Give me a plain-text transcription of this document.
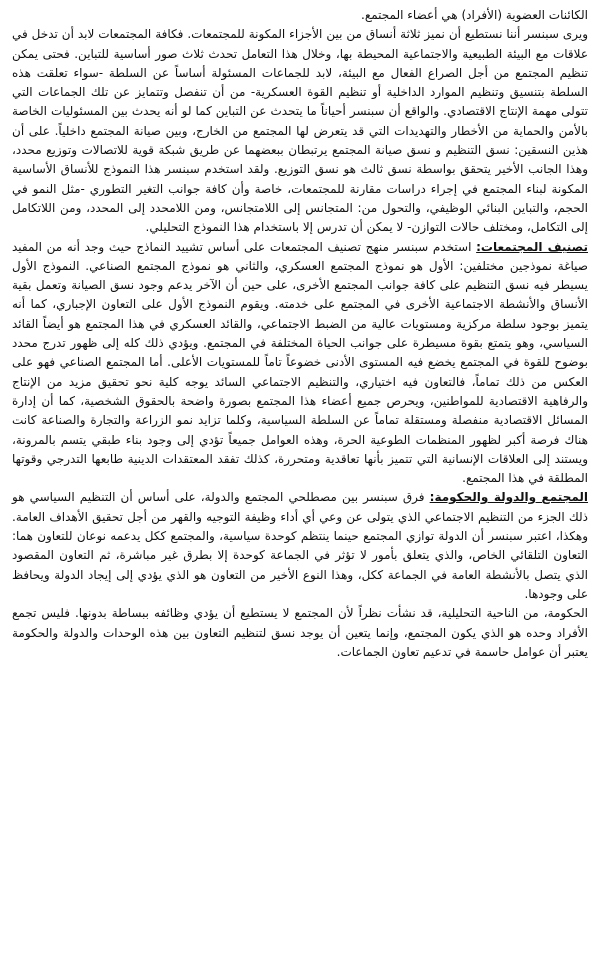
الكائنات العضوية (الأفراد) هي أعضاء المجتمع.

ويرى سبنسر أننا نستطيع أن نميز ثلاثة أنساق من بين الأجزاء المكونة للمجتمعات. فكافة المجتمعات لابد أن تدخل في علاقات مع البيئة الطبيعية والاجتماعية المحيطة بها، وخلال هذا التعامل تحدث ثلاث صور أساسية للتباين. فحتى يمكن تنظيم المجتمع من أجل الصراع الفعال مع البيئة، لابد للجماعات المسئولة أساساً عن السلطة -سواء تعلقت هذه السلطة بتنسيق وتنظيم الموارد الداخلية أو تنظيم القوة العسكرية- من أن تنفصل وتتمايز عن تلك الجماعات التي تتولى مهمة الإنتاج الاقتصادي. والواقع أن سبنسر أحياناً ما يتحدث عن التباين كما لو أنه يحدث بين المسئوليات الخاصة بالأمن والحماية من الأخطار والتهديدات التي قد يتعرض لها المجتمع من الخارج، وبين صيانة المجتمع داخلياً. على أن هذين النسقين: نسق التنظيم و نسق صيانة المجتمع يرتبطان ببعضهما عن طريق شبكة قوية للاتصالات وتوزيع محدد، وهذا الجانب الأخير يتحقق بواسطة نسق ثالث هو نسق التوزيع. ولقد استخدم سبنسر هذا النموذج للأنساق الأساسية المكونة لبناء المجتمع في إجراء دراسات مقارنة للمجتمعات، خاصة وأن كافة جوانب التغير التطوري -مثل النمو في الحجم، والتباين البنائي الوظيفي، والتحول من: المتجانس إلى اللامتجانس، ومن اللامحدد إلى المحدد، ومن اللاتكامل إلى التكامل، ومختلف حالات التوازن- لا يمكن أن تدرس إلا باستخدام هذا النموذج التحليلي.

تصنيف المجتمعات: استخدم سبنسر منهج تصنيف المجتمعات على أساس تشييد النماذج حيث وجد أنه من المفيد صياغة نموذجين مختلفين: الأول هو نموذج المجتمع العسكري، والثاني هو نموذج المجتمع الصناعي. النموذج الأول يسيطر فيه نسق التنظيم على كافة جوانب المجتمع الأخرى، على حين أن الآخر يدعم وجود نسق الصيانة وتعمل بقية الأنساق والأنشطة الاجتماعية الأخرى في المجتمع على خدمته. ويقوم النموذج الأول على التعاون الإجباري، كما أنه يتميز بوجود سلطة مركزية ومستويات عالية من الضبط الاجتماعي، والقائد العسكري في هذا المجتمع هو أيضاً القائد السياسي، وهو يتمتع بقوة مسيطرة على جوانب الحياة المختلفة في المجتمع. ويؤدي ذلك كله إلى ظهور تدرج محدد بوضوح للقوة في المجتمع يخضع فيه المستوى الأدنى خضوعاً تاماً للمستويات الأعلى. أما المجتمع الصناعي فهو على العكس من ذلك تماماً، فالتعاون فيه اختياري، والتنظيم الاجتماعي السائد يوجه كلية نحو تحقيق مزيد من الإنتاج والرفاهية الاقتصادية للمواطنين، ويحرص جميع أعضاء هذا المجتمع بصورة واضحة بالحقوق الشخصية، كما أن إدارة المسائل الاقتصادية منفصلة ومستقلة تماماً عن السلطة السياسية، وكلما تزايد نمو الزراعة والتجارة والصناعة كانت هناك فرصة أكبر لظهور المنظمات الطوعية الحرة، وهذه العوامل جميعاً تؤدي إلى وجود بناء طبقي يتسم بالمرونة، ويستند إلى العلاقات الإنسانية التي تتميز بأنها تعاقدية ومتحررة، كذلك تفقد المعتقدات الدينية طابعها التدرجي وقوتها المطلقة في هذا المجتمع.

المجتمع والدولة والحكومة: فرق سبنسر بين مصطلحي المجتمع والدولة، على أساس أن التنظيم السياسي هو ذلك الجزء من التنظيم الاجتماعي الذي يتولى عن وعي أي أداء وظيفة التوجيه والقهر من أجل تحقيق الأهداف العامة. وهكذا، اعتبر سبنسر أن الدولة توازي المجتمع حينما ينتظم كوحدة سياسية، والمجتمع ككل يدعمه نوعان للتعاون هما: التعاون التلقائي الخاص، والذي يتعلق بأمور لا تؤثر في الجماعة كوحدة إلا بطرق غير مباشرة، ثم التعاون المقصود الذي يتصل بالأنشطة العامة في الجماعة ككل، وهذا النوع الأخير من التعاون هو الذي يؤدي إلى إيجاد الدولة ويحافظ على وجودها.

الحكومة، من الناحية التحليلية، قد نشأت نظراً لأن المجتمع لا يستطيع أن يؤدي وظائفه ببساطة بدونها. فليس تجمع الأفراد وحده هو الذي يكون المجتمع، وإنما يتعين أن يوجد نسق لتنظيم التعاون بين هذه الوحدات والدولة والحكومة يعتبر أن عوامل حاسمة في تدعيم تعاون الجماعات.
